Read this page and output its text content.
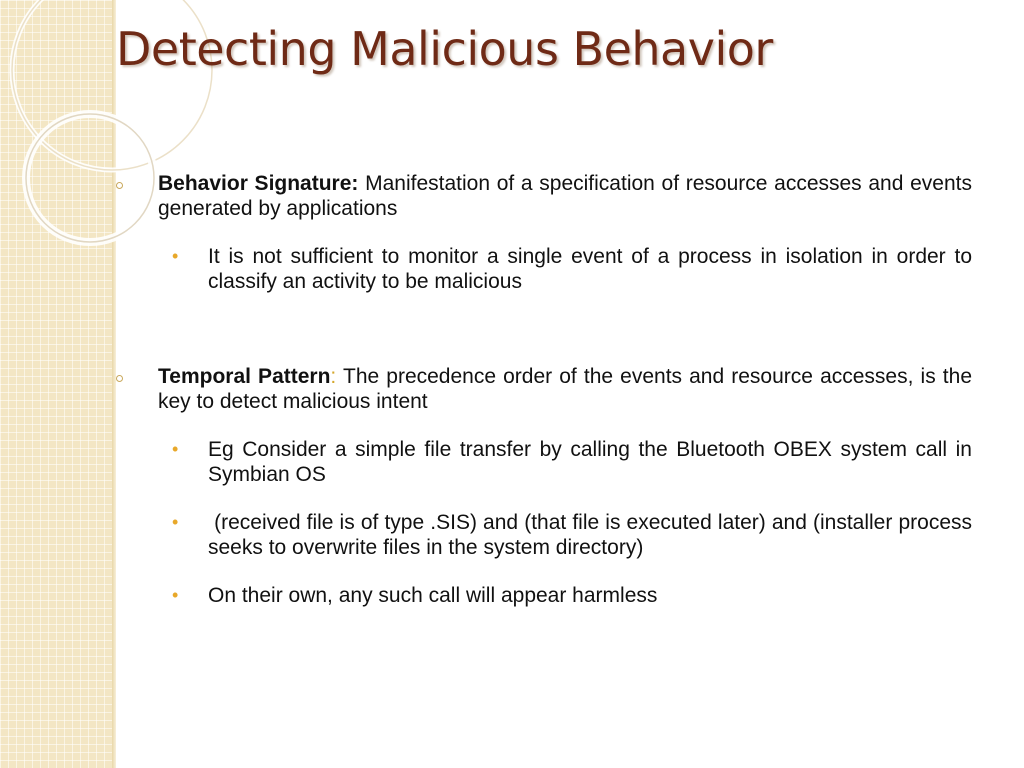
Detecting Malicious Behavior
Behavior Signature: Manifestation of a specification of resource accesses and events generated by applications
• It is not sufficient to monitor a single event of a process in isolation in order to classify an activity to be malicious
Temporal Pattern: The precedence order of the events and resource accesses, is the key to detect malicious intent
• Eg Consider a simple file transfer by calling the Bluetooth OBEX system call in Symbian OS
• (received file is of type .SIS) and (that file is executed later) and (installer process seeks to overwrite files in the system directory)
• On their own, any such call will appear harmless
